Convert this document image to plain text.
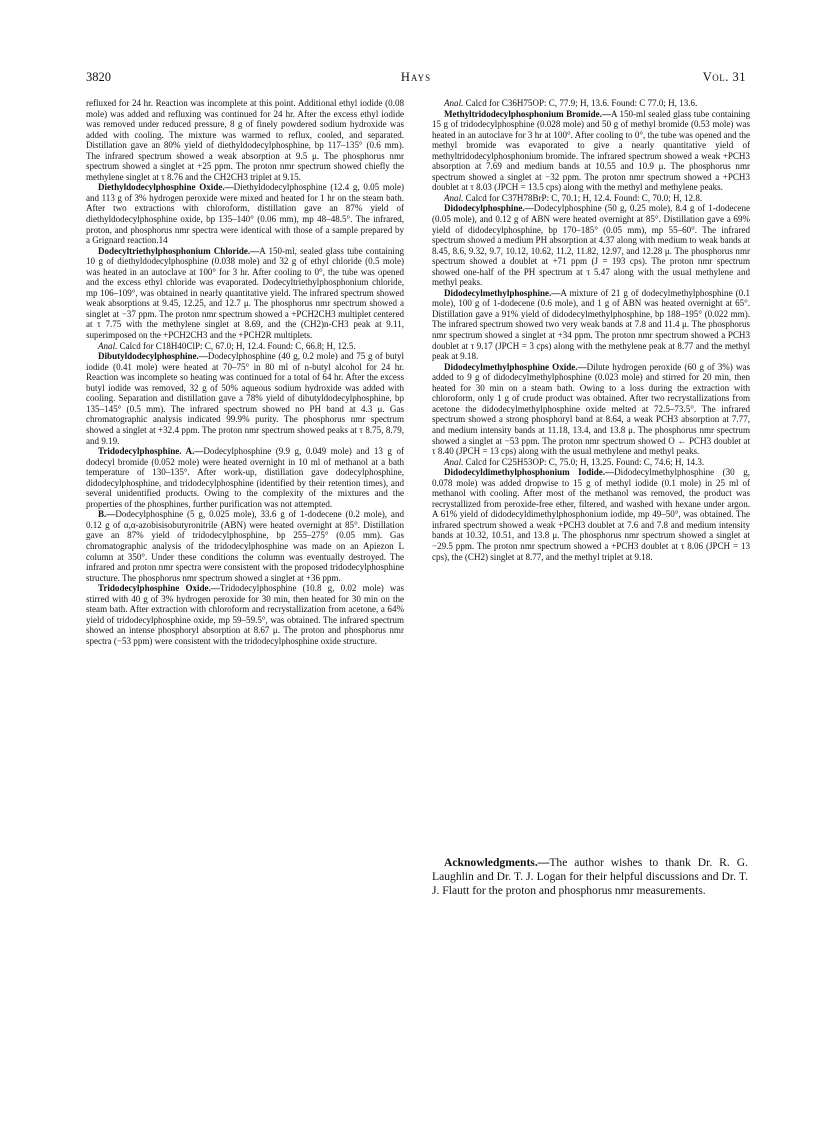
3820	Hays	Vol. 31

refluxed for 24 hr. Reaction was incomplete at this point. Additional ethyl iodide (0.08 mole) was added and refluxing was continued for 24 hr. After the excess ethyl iodide was removed under reduced pressure, 8 g of finely powdered sodium hydroxide was added with cooling. The mixture was warmed to reflux, cooled, and separated. Distillation gave an 80% yield of diethyldodecylphosphine, bp 117–135° (0.6 mm). The infrared spectrum showed a weak absorption at 9.5 μ. The phosphorus nmr spectrum showed a singlet at +25 ppm. The proton nmr spectrum showed chiefly the methylene singlet at τ 8.76 and the CH2CH3 triplet at 9.15.

Diethyldodecylphosphine Oxide.—Diethyldodecylphosphine (12.4 g, 0.05 mole) and 113 g of 3% hydrogen peroxide were mixed and heated for 1 hr on the steam bath. After two extractions with chloroform, distillation gave an 87% yield of diethyldodecylphosphine oxide, bp 135–140° (0.06 mm), mp 48–48.5°. The infrared, proton, and phosphorus nmr spectra were identical with those of a sample prepared by a Grignard reaction.14

Dodecyltriethylphosphonium Chloride.—A 150-ml, sealed glass tube containing 10 g of diethyldodecylphosphine (0.038 mole) and 32 g of ethyl chloride (0.5 mole) was heated in an autoclave at 100° for 3 hr. After cooling to 0°, the tube was opened and the excess ethyl chloride was evaporated. Dodecyltriethylphosphonium chloride, mp 106–109°, was obtained in nearly quantitative yield. The infrared spectrum showed weak absorptions at 9.45, 12.25, and 12.7 μ. The phosphorus nmr spectrum showed a singlet at −37 ppm. The proton nmr spectrum showed a +PCH2CH3 multiplet centered at τ 7.75 with the methylene singlet at 8.69, and the (CH2)n-CH3 peak at 9.11, superimposed on the +PCH2CH3 and the +PCH2R multiplets.

Anal. Calcd for C18H40ClP: C, 67.0; H, 12.4. Found: C, 66.8; H, 12.5.

Dibutyldodecylphosphine.—Dodecylphosphine (40 g, 0.2 mole) and 75 g of butyl iodide (0.41 mole) were heated at 70–75° in 80 ml of n-butyl alcohol for 24 hr. Reaction was incomplete so heating was continued for a total of 64 hr. After the excess butyl iodide was removed, 32 g of 50% aqueous sodium hydroxide was added with cooling. Separation and distillation gave a 78% yield of dibutyldodecylphosphine, bp 135–145° (0.5 mm). The infrared spectrum showed no PH band at 4.3 μ. Gas chromatographic analysis indicated 99.9% purity. The phosphorus nmr spectrum showed a singlet at +32.4 ppm. The proton nmr spectrum showed peaks at τ 8.75, 8.79, and 9.19.

Tridodecylphosphine. A.—Dodecylphosphine (9.9 g, 0.049 mole) and 13 g of dodecyl bromide (0.052 mole) were heated overnight in 10 ml of methanol at a bath temperature of 130–135°. After work-up, distillation gave dodecylphosphine, didodecylphosphine, and tridodecylphosphine (identified by their retention times), and several unidentified products. Owing to the complexity of the mixtures and the properties of the phosphines, further purification was not attempted.

B.—Dodecylphosphine (5 g, 0.025 mole), 33.6 g of 1-dodecene (0.2 mole), and 0.12 g of α,α-azobisisobutyronitrile (ABN) were heated overnight at 85°. Distillation gave an 87% yield of tridodecylphosphine, bp 255–275° (0.05 mm). Gas chromatographic analysis of the tridodecylphosphine was made on an Apiezon L column at 350°. Under these conditions the column was eventually destroyed. The infrared and proton nmr spectra were consistent with the proposed tridodecylphosphine structure. The phosphorus nmr spectrum showed a singlet at +36 ppm.

Tridodecylphosphine Oxide.—Tridodecylphosphine (10.8 g, 0.02 mole) was stirred with 40 g of 3% hydrogen peroxide for 30 min, then heated for 30 min on the steam bath. After extraction with chloroform and recrystallization from acetone, a 64% yield of tridodecylphosphine oxide, mp 59–59.5°, was obtained. The infrared spectrum showed an intense phosphoryl absorption at 8.67 μ. The proton and phosphorus nmr spectra (−53 ppm) were consistent with the tridodecylphosphine oxide structure.

Anal. Calcd for C36H75OP: C, 77.9; H, 13.6. Found: C 77.0; H, 13.6.

Methyltridodecylphosphonium Bromide.—A 150-ml sealed glass tube containing 15 g of tridodecylphosphine (0.028 mole) and 50 g of methyl bromide (0.53 mole) was heated in an autoclave for 3 hr at 100°. After cooling to 0°, the tube was opened and the methyl bromide was evaporated to give a nearly quantitative yield of methyltridodecylphosphonium bromide. The infrared spectrum showed a weak +PCH3 absorption at 7.69 and medium bands at 10.55 and 10.9 μ. The phosphorus nmr spectrum showed a singlet at −32 ppm. The proton nmr spectrum showed a +PCH3 doublet at τ 8.03 (JPCH = 13.5 cps) along with the methyl and methylene peaks.

Anal. Calcd for C37H78BrP: C, 70.1; H, 12.4. Found: C, 70.0; H, 12.8.

Didodecylphosphine.—Dodecylphosphine (50 g, 0.25 mole), 8.4 g of 1-dodecene (0.05 mole), and 0.12 g of ABN were heated overnight at 85°. Distillation gave a 69% yield of didodecylphosphine, bp 170–185° (0.05 mm), mp 55–60°. The infrared spectrum showed a medium PH absorption at 4.37 along with medium to weak bands at 8.45, 8.6, 9.32, 9.7, 10.12, 10.62, 11.2, 11.82, 12.97, and 12.28 μ. The phosphorus nmr spectrum showed a doublet at +71 ppm (J = 193 cps). The proton nmr spectrum showed one-half of the PH spectrum at τ 5.47 along with the usual methylene and methyl peaks.

Didodecylmethylphosphine.—A mixture of 21 g of dodecylmethylphosphine (0.1 mole), 100 g of 1-dodecene (0.6 mole), and 1 g of ABN was heated overnight at 65°. Distillation gave a 91% yield of didodecylmethylphosphine, bp 188–195° (0.022 mm). The infrared spectrum showed two very weak bands at 7.8 and 11.4 μ. The phosphorus nmr spectrum showed a singlet at +34 ppm. The proton nmr spectrum showed a PCH3 doublet at τ 9.17 (JPCH = 3 cps) along with the methylene peak at 8.77 and the methyl peak at 9.18.

Didodecylmethylphosphine Oxide.—Dilute hydrogen peroxide (60 g of 3%) was added to 9 g of didodecylmethylphosphine (0.023 mole) and stirred for 20 min, then heated for 30 min on a steam bath. Owing to a loss during the extraction with chloroform, only 1 g of crude product was obtained. After two recrystallizations from acetone the didodecylmethylphosphine oxide melted at 72.5–73.5°. The infrared spectrum showed a strong phosphoryl band at 8.64, a weak PCH3 absorption at 7.77, and medium intensity bands at 11.18, 13.4, and 13.8 μ. The phosphorus nmr spectrum showed a singlet at −53 ppm. The proton nmr spectrum showed O ← PCH3 doublet at τ 8.40 (JPCH = 13 cps) along with the usual methylene and methyl peaks.

Anal. Calcd for C25H53OP: C, 75.0; H, 13.25. Found: C, 74.6; H, 14.3.

Didodecyldimethylphosphonium Iodide.—Didodecylmethylphosphine (30 g, 0.078 mole) was added dropwise to 15 g of methyl iodide (0.1 mole) in 25 ml of methanol with cooling. After most of the methanol was removed, the product was recrystallized from peroxide-free ether, filtered, and washed with hexane under argon. A 61% yield of didodecyldimethylphosphonium iodide, mp 49–50°, was obtained. The infrared spectrum showed a weak +PCH3 doublet at 7.6 and 7.8 and medium intensity bands at 10.32, 10.51, and 13.8 μ. The phosphorus nmr spectrum showed a singlet at −29.5 ppm. The proton nmr spectrum showed a +PCH3 doublet at τ 8.06 (JPCH = 13 cps), the (CH2) singlet at 8.77, and the methyl triplet at 9.18.

Acknowledgments.—The author wishes to thank Dr. R. G. Laughlin and Dr. T. J. Logan for their helpful discussions and Dr. T. J. Flautt for the proton and phosphorus nmr measurements.
